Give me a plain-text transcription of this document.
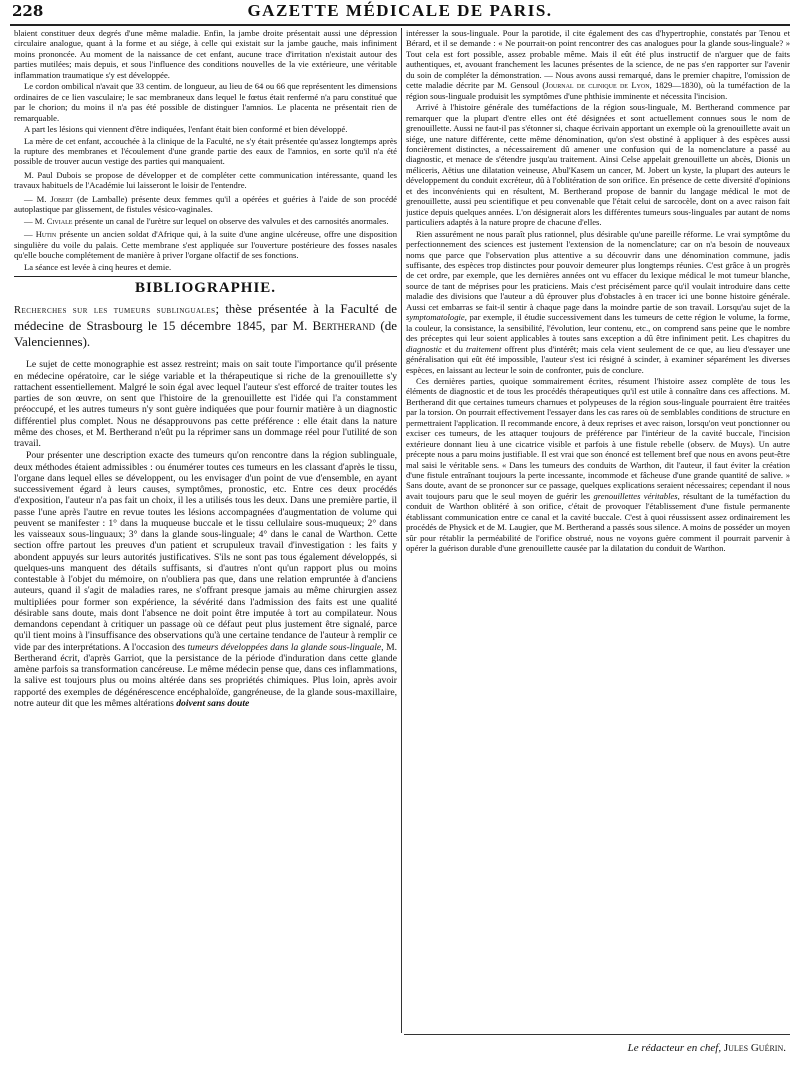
228	GAZETTE MÉDICALE DE PARIS.

blaient constituer deux degrés d'une même maladie. Enfin, la jambe droite présentait aussi une dépression circulaire analogue, quant à la forme et au siége, à celle qui existait sur la jambe gauche, mais infiniment moins prononcée. Au moment de la naissance de cet enfant, aucune trace d'irritation n'existait autour des parties mutilées; mais depuis, et sous l'influence des conditions nouvelles de la vie extérieure, une véritable inflammation traumatique s'y est développée.

Le cordon ombilical n'avait que 33 centim. de longueur, au lieu de 64 ou 66 que représentent les dimensions ordinaires de ce lien vasculaire; le sac membraneux dans lequel le fœtus était renfermé n'a paru constitué que par le chorion; du moins il n'a pas été possible de distinguer l'amnios. Le placenta ne présentait rien de remarquable.

A part les lésions qui viennent d'être indiquées, l'enfant était bien conformé et bien développé.

La mère de cet enfant, accouchée à la clinique de la Faculté, ne s'y était présentée qu'assez longtemps après la rupture des membranes et l'écoulement d'une grande partie des eaux de l'amnios, en sorte qu'il n'a été possible de trouver aucun vestige des parties qui manquaient.

M. Paul Dubois se propose de développer et de compléter cette communication intéressante, quand les travaux habituels de l'Académie lui laisseront le loisir de l'entendre.

— M. Jobert (de Lamballe) présente deux femmes qu'il a opérées et guéries à l'aide de son procédé autoplastique par glissement, de fistules vésico-vaginales.

— M. Civiale présente un canal de l'urètre sur lequel on observe des valvules et des carnosités anormales.

— Hutin présente un ancien soldat d'Afrique qui, à la suite d'une angine ulcéreuse, offre une disposition singulière du voile du palais. Cette membrane s'est appliquée sur l'ouverture postérieure des fosses nasales qu'elle bouche complétement de manière à priver l'organe olfactif de ses fonctions.

La séance est levée à cinq heures et demie.

BIBLIOGRAPHIE.
Recherches sur les tumeurs sublinguales; thèse présentée à la Faculté de médecine de Strasbourg le 15 décembre 1845, par M. Bertherand (de Valenciennes).

Le sujet de cette monographie est assez restreint; mais on sait toute l'importance qu'il présente en médecine opératoire, car le siége variable et la thérapeutique si riche de la grenouillette s'y rattachent essentiellement. Malgré le soin égal avec lequel l'auteur s'est efforcé de traiter toutes les parties de son œuvre, on sent que l'histoire de la grenouillette est l'idée qui l'a constamment préoccupé, et les autres tumeurs n'y sont guère indiquées que pour fournir matière à un diagnostic différentiel plus complet. Nous ne désapprouvons pas cette préférence : elle était dans la nature même des choses, et M. Bertherand n'eût pu la réprimer sans un dommage réel pour l'utilité de son travail.

Pour présenter une description exacte des tumeurs qu'on rencontre dans la région sublinguale, deux méthodes étaient admissibles : ou énumérer toutes ces tumeurs en les classant d'après le tissu, l'organe dans lequel elles se développent, ou les envisager d'un point de vue d'ensemble, en ayant successivement égard à leurs causes, symptômes, pronostic, etc. Entre ces deux procédés d'exposition, l'auteur n'a pas fait un choix, il les a utilisés tous les deux. Dans une première partie, il passe l'une après l'autre en revue toutes les lésions accompagnées d'augmentation de volume qui peuvent se manifester : 1° dans la muqueuse buccale et le tissu cellulaire sous-muqueux; 2° dans les vaisseaux sous-linguaux; 3° dans la glande sous-linguale; 4° dans le canal de Warthon. Cette section offre partout les preuves d'un patient et scrupuleux travail d'investigation : les faits y abondent appuyés sur leurs autorités justificatives. S'ils ne sont pas tous également développés, si quelques-uns manquent des détails suffisants, si d'autres n'ont qu'un rapport plus ou moins contestable à l'objet du mémoire, on n'oubliera pas que, dans une relation empruntée à d'anciens auteurs, quand il s'agit de maladies rares, ne s'offrant presque jamais au même chirurgien assez multipliées pour former son expérience, la sévérité dans l'admission des faits est une qualité désirable sans doute, mais dont l'absence ne doit point être imputée à tort au compilateur. Nous demandons cependant à critiquer un passage où ce défaut peut plus justement être signalé, parce qu'il tient moins à l'insuffisance des observations qu'à une certaine tendance de l'auteur à remplir ce vide par des interprétations. A l'occasion des tumeurs développées dans la glande sous-linguale, M. Bertherand écrit, d'après Garriot, que la persistance de la période d'induration dans cette glande amène parfois sa transformation cancéreuse. Le même médecin pense que, dans ces inflammations, la salive est toujours plus ou moins altérée dans ses propriétés chimiques. Plus loin, après avoir rapporté des exemples de dégénérescence encéphaloïde, gangréneuse, de la glande sous-maxillaire, notre auteur dit que les mêmes altérations doivent sans doute

intéresser la sous-linguale. Pour la parotide, il cite également des cas d'hypertrophie, constatés par Tenou et Bérard, et il se demande : « Ne pourrait-on point rencontrer des cas analogues pour la glande sous-linguale? » Tout cela est fort possible, assez probable même. Mais il eût été plus instructif de n'arguer que de faits authentiques, et, avouant franchement les lacunes présentes de la science, de ne pas s'en rapporter sur l'avenir du soin de compléter la démonstration. — Nous avons aussi remarqué, dans le premier chapitre, l'omission de cette maladie décrite par M. Gensoul (Journal de clinique de Lyon, 1829—1830), où la tuméfaction de la région sous-linguale produisit les symptômes d'une phthisie imminente et nécessita l'incision.

Arrivé à l'histoire générale des tuméfactions de la région sous-linguale, M. Bertherand commence par remarquer que la plupart d'entre elles ont été désignées et sont actuellement connues sous le nom de grenouillette. Aussi ne faut-il pas s'étonner si, chaque écrivain apportant un exemple où la grenouillette avait un siége, une nature différente, cette même dénomination, qu'on s'est obstiné à appliquer à des espèces aussi foncièrement distinctes, a nécessairement dû amener une confusion qui de la nomenclature a passé au diagnostic, et menace de s'étendre jusqu'au traitement. Ainsi Celse appelait grenouillette un abcès, Dionis un méliceris, Aëtius une dilatation veineuse, Abul'Kasem un cancer, M. Jobert un kyste, la plupart des auteurs le développement du conduit excréteur, dû à l'oblitération de son orifice. En présence de cette diversité d'opinions et des inconvénients qui en résultent, M. Bertherand propose de bannir du langage médical le mot de grenouillette, aussi peu scientifique et peu convenable que l'était celui de sarcocèle, dont on a avec raison fait justice depuis quelques années. L'on désignerait alors les différentes tumeurs sous-linguales par autant de noms particuliers adaptés à la nature propre de chacune d'elles.

Rien assurément ne nous paraît plus rationnel, plus désirable qu'une pareille réforme. Le vrai symptôme du perfectionnement des sciences est justement l'extension de la nomenclature; car on n'a besoin de nouveaux noms que parce que l'observation plus attentive a su découvrir dans une dénomination commune, jadis suffisante, des espèces trop distinctes pour pouvoir demeurer plus longtemps réunies. C'est grâce à un progrès de cet ordre, par exemple, que les dernières années ont vu effacer du lexique médical le mot tumeur blanche, source de tant de méprises pour les praticiens. Mais c'est précisément parce qu'il voulait introduire dans cette maladie des divisions que l'auteur a dû éprouver plus d'obstacles à en tracer ici une bonne histoire générale. Aussi cet embarras se fait-il sentir à chaque page dans la moindre partie de son travail. Lorsqu'au sujet de la symptomatologie, par exemple, il étudie successivement dans les tumeurs de cette région le volume, la forme, la couleur, la consistance, la sensibilité, l'évolution, leur contenu, etc., on comprend sans peine que le nombre des préceptes qui leur soient applicables à toutes sans exception a dû être infiniment petit. Les chapitres du diagnostic et du traitement offrent plus d'intérêt; mais cela vient seulement de ce que, au lieu d'essayer une généralisation qui eût été impossible, l'auteur s'est ici résigné à scinder, à examiner séparément les diverses espèces, en laissant au lecteur le soin de confronter, puis de conclure.

Ces dernières parties, quoique sommairement écrites, résument l'histoire assez complète de tous les éléments de diagnostic et de tous les procédés thérapeutiques qu'il est utile à connaître dans ces affections. M. Bertherand dit que certaines tumeurs charnues et polypeuses de la région sous-linguale pourraient être traitées par la torsion. On pourrait effectivement l'essayer dans les cas rares où de semblables conditions de structure en permettraient l'application. Il recommande encore, à deux reprises et avec raison, lorsqu'on veut ponctionner ou exciser ces tumeurs, de les attaquer toujours de préférence par l'intérieur de la cavité buccale, l'incision extérieure donnant lieu à une cicatrice visible et parfois à une fistule rebelle (observ. de Muys). Un autre précepte nous a paru moins justifiable. Il est vrai que son énoncé est tellement bref que nous en avons peut-être mal saisi le véritable sens. « Dans les tumeurs des conduits de Warthon, dit l'auteur, il faut éviter la création d'une fistule entraînant toujours la perte incessante, incommode et fâcheuse d'une grande quantité de salive. » Sans doute, avant de se prononcer sur ce passage, quelques explications seraient nécessaires; cependant il nous avait toujours paru que le seul moyen de guérir les grenouillettes véritables, résultant de la tuméfaction du conduit de Warthon oblitéré à son orifice, c'était de provoquer l'établissement d'une fistule permanente établissant communication entre ce canal et la cavité buccale. C'est à quoi réussissent assez ordinairement les procédés de Physick et de M. Laugier, que M. Bertherand a passés sous silence. A moins de posséder un moyen sûr pour rétablir la perméabilité de l'orifice obstrué, nous ne voyons guère comment il pourrait parvenir à opérer la guérison durable d'une grenouillette causée par la dilatation du conduit de Warthon.

Le rédacteur en chef, Jules Guérin.
